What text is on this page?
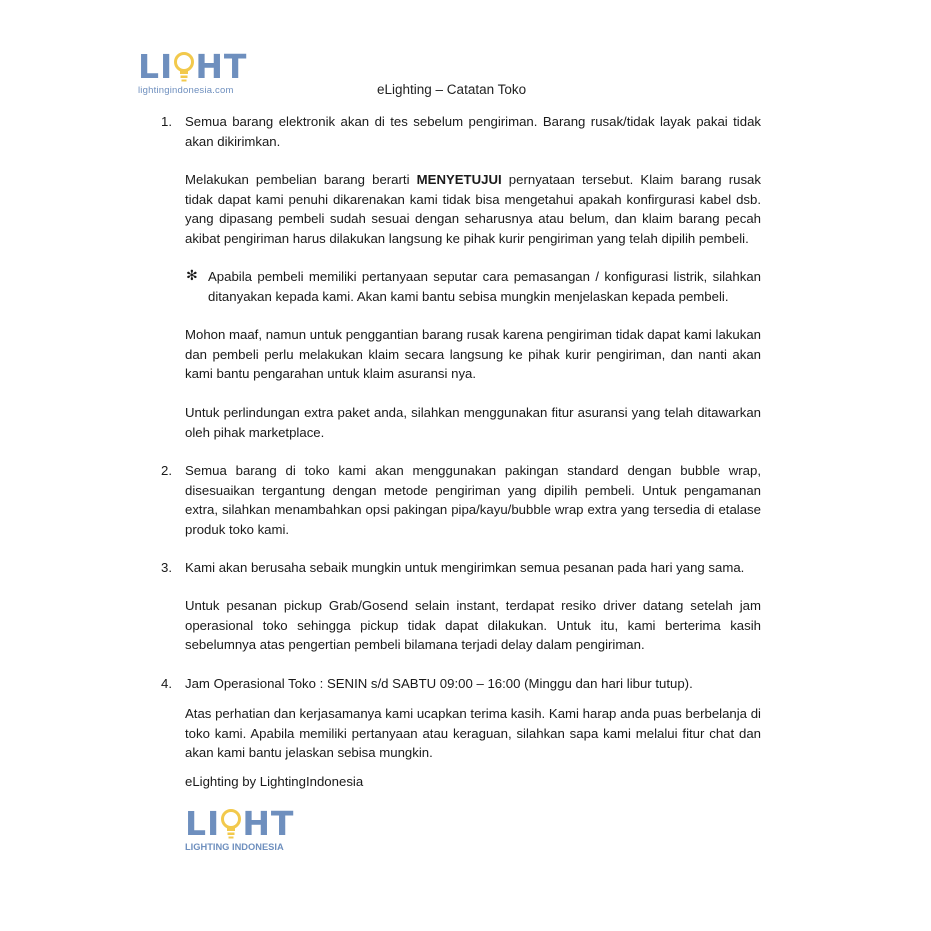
LI HT
lightingindonesia.com	eLighting – Catatan Toko
1. Semua barang elektronik akan di tes sebelum pengiriman. Barang rusak/tidak layak pakai tidak akan dikirimkan.

Melakukan pembelian barang berarti MENYETUJUI pernyataan tersebut. Klaim barang rusak tidak dapat kami penuhi dikarenakan kami tidak bisa mengetahui apakah konfirgurasi kabel dsb. yang dipasang pembeli sudah sesuai dengan seharusnya atau belum, dan klaim barang pecah akibat pengiriman harus dilakukan langsung ke pihak kurir pengiriman yang telah dipilih pembeli.

✻ Apabila pembeli memiliki pertanyaan seputar cara pemasangan / konfigurasi listrik, silahkan ditanyakan kepada kami. Akan kami bantu sebisa mungkin menjelaskan kepada pembeli.

Mohon maaf, namun untuk penggantian barang rusak karena pengiriman tidak dapat kami lakukan dan pembeli perlu melakukan klaim secara langsung ke pihak kurir pengiriman, dan nanti akan kami bantu pengarahan untuk klaim asuransi nya.

Untuk perlindungan extra paket anda, silahkan menggunakan fitur asuransi yang telah ditawarkan oleh pihak marketplace.

2. Semua barang di toko kami akan menggunakan pakingan standard dengan bubble wrap, disesuaikan tergantung dengan metode pengiriman yang dipilih pembeli. Untuk pengamanan extra, silahkan menambahkan opsi pakingan pipa/kayu/bubble wrap extra yang tersedia di etalase produk toko kami.

3. Kami akan berusaha sebaik mungkin untuk mengirimkan semua pesanan pada hari yang sama.

Untuk pesanan pickup Grab/Gosend selain instant, terdapat resiko driver datang setelah jam operasional toko sehingga pickup tidak dapat dilakukan. Untuk itu, kami berterima kasih sebelumnya atas pengertian pembeli bilamana terjadi delay dalam pengiriman.

4. Jam Operasional Toko : SENIN s/d SABTU 09:00 – 16:00 (Minggu dan hari libur tutup).

Atas perhatian dan kerjasamanya kami ucapkan terima kasih. Kami harap anda puas berbelanja di toko kami. Apabila memiliki pertanyaan atau keraguan, silahkan sapa kami melalui fitur chat dan akan kami bantu jelaskan sebisa mungkin.

eLighting by LightingIndonesia

LI HT
LIGHTING INDONESIA
